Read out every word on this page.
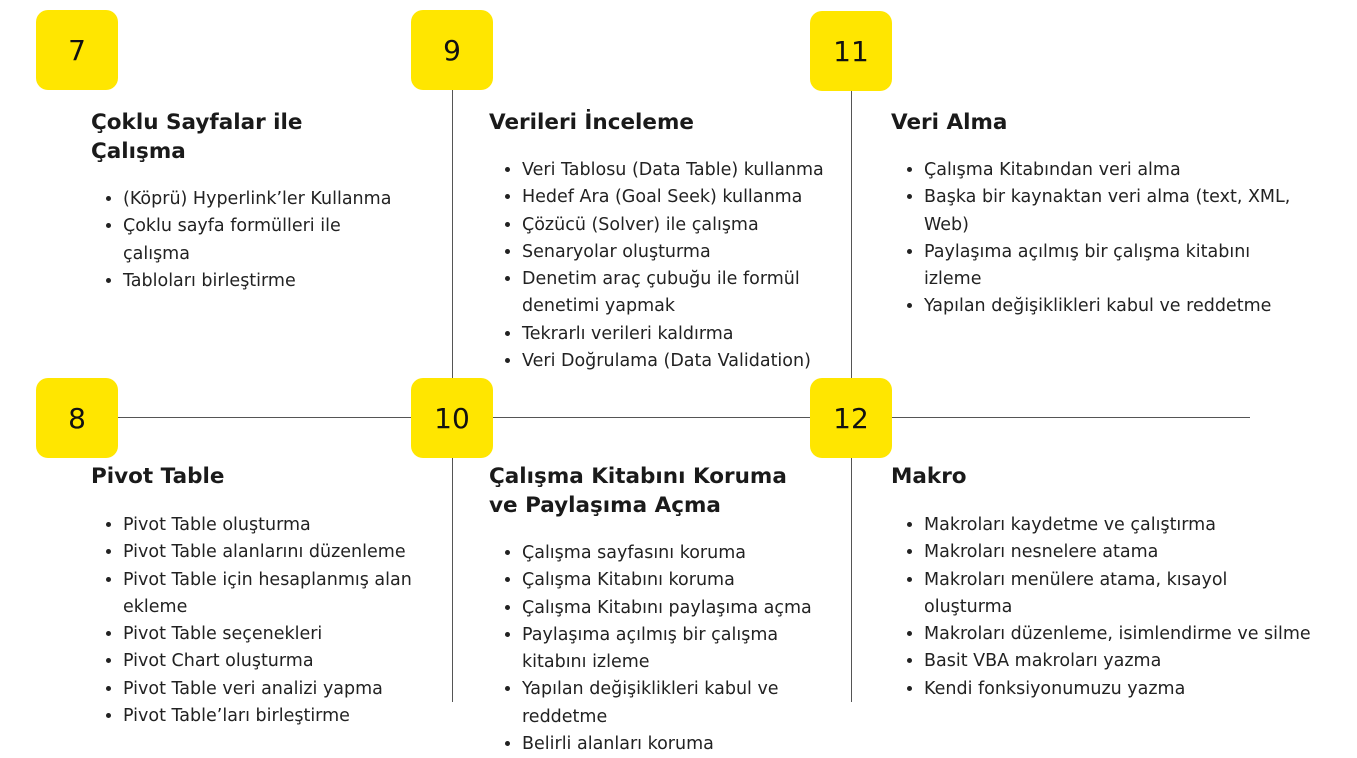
7
Çoklu Sayfalar ile Çalışma
• (Köprü) Hyperlink’ler Kullanma
• Çoklu sayfa formülleri ile çalışma
• Tabloları birleştirme
9
Verileri İnceleme
• Veri Tablosu (Data Table) kullanma
• Hedef Ara (Goal Seek) kullanma
• Çözücü (Solver) ile çalışma
• Senaryolar oluşturma
• Denetim araç çubuğu ile formül denetimi yapmak
• Tekrarlı verileri kaldırma
• Veri Doğrulama (Data Validation)
11
Veri Alma
• Çalışma Kitabından veri alma
• Başka bir kaynaktan veri alma (text, XML, Web)
• Paylaşıma açılmış bir çalışma kitabını izleme
• Yapılan değişiklikleri kabul ve reddetme
8
Pivot Table
• Pivot Table oluşturma
• Pivot Table alanlarını düzenleme
• Pivot Table için hesaplanmış alan ekleme
• Pivot Table seçenekleri
• Pivot Chart oluşturma
• Pivot Table veri analizi yapma
• Pivot Table’ları birleştirme
10
Çalışma Kitabını Koruma ve Paylaşıma Açma
• Çalışma sayfasını koruma
• Çalışma Kitabını koruma
• Çalışma Kitabını paylaşıma açma
• Paylaşıma açılmış bir çalışma kitabını izleme
• Yapılan değişiklikleri kabul ve reddetme
• Belirli alanları koruma
12
Makro
• Makroları kaydetme ve çalıştırma
• Makroları nesnelere atama
• Makroları menülere atama, kısayol oluşturma
• Makroları düzenleme, isimlendirme ve silme
• Basit VBA makroları yazma
• Kendi fonksiyonumuzu yazma
